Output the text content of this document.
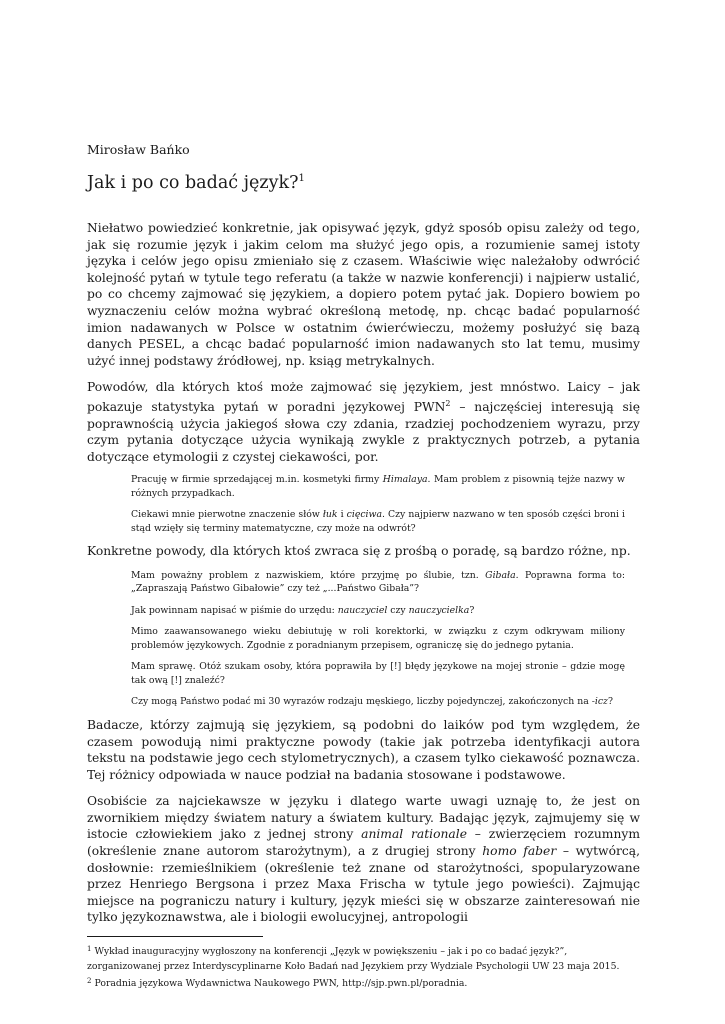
Mirosław Bańko

Jak i po co badać język?$^1$

Niełatwo powiedzieć konkretnie, jak opisywać język, gdyż sposób opisu zależy od tego, jak się rozumie język i jakim celom ma służyć jego opis, a rozumienie samej istoty języka i celów jego opisu zmieniało się z czasem. Właściwie więc należałoby odwrócić kolejność pytań w tytule tego referatu (a także w nazwie konferencji) i najpierw ustalić, po co chcemy zajmować się językiem, a dopiero potem pytać jak. Dopiero bowiem po wyznaczeniu celów można wybrać określoną metodę, np. chcąc badać popularność imion nadawanych w Polsce w ostatnim ćwierćwieczu, możemy posłużyć się bazą danych PESEL, a chcąc badać popularność imion nadawanych sto lat temu, musimy użyć innej podstawy źródłowej, np. ksiąg metrykalnych.

Powodów, dla których ktoś może zajmować się językiem, jest mnóstwo. Laicy – jak pokazuje statystyka pytań w poradni językowej PWN$^2$ – najczęściej interesują się poprawnością użycia jakiegoś słowa czy zdania, rzadziej pochodzeniem wyrazu, przy czym pytania dotyczące użycia wynikają zwykle z praktycznych potrzeb, a pytania dotyczące etymologii z czystej ciekawości, por.

Pracuję w firmie sprzedającej m.in. kosmetyki firmy Himalaya. Mam problem z pisownią tejże nazwy w różnych przypadkach.

Ciekawi mnie pierwotne znaczenie słów łuk i cięciwa. Czy najpierw nazwano w ten sposób części broni i stąd wzięły się terminy matematyczne, czy może na odwrót?

Konkretne powody, dla których ktoś zwraca się z prośbą o poradę, są bardzo różne, np.

Mam poważny problem z nazwiskiem, które przyjmę po ślubie, tzn. Gibała. Poprawna forma to: „Zapraszają Państwo Gibałowie” czy też „...Państwo Gibała”?

Jak powinnam napisać w piśmie do urzędu: nauczyciel czy nauczycielka?

Mimo zaawansowanego wieku debiutuję w roli korektorki, w związku z czym odkrywam miliony problemów językowych. Zgodnie z poradnianym przepisem, ograniczę się do jednego pytania.

Mam sprawę. Otóż szukam osoby, która poprawiła by [!] błędy językowe na mojej stronie – gdzie mogę tak ową [!] znaleźć?

Czy mogą Państwo podać mi 30 wyrazów rodzaju męskiego, liczby pojedynczej, zakończonych na -icz?

Badacze, którzy zajmują się językiem, są podobni do laików pod tym względem, że czasem powodują nimi praktyczne powody (takie jak potrzeba identyfikacji autora tekstu na podstawie jego cech stylometrycznych), a czasem tylko ciekawość poznawcza. Tej różnicy odpowiada w nauce podział na badania stosowane i podstawowe.

Osobiście za najciekawsze w języku i dlatego warte uwagi uznaję to, że jest on zwornikiem między światem natury a światem kultury. Badając język, zajmujemy się w istocie człowiekiem jako z jednej strony animal rationale – zwierzęciem rozumnym (określenie znane autorom starożytnym), a z drugiej strony homo faber – wytwórcą, dosłownie: rzemieślnikiem (określenie też znane od starożytności, spopularyzowane przez Henriego Bergsona i przez Maxa Frischa w tytule jego powieści). Zajmując miejsce na pograniczu natury i kultury, język mieści się w obszarze zainteresowań nie tylko językoznawstwa, ale i biologii ewolucyjnej, antropologii

$^1$ Wykład inauguracyjny wygłoszony na konferencji „Język w powiększeniu – jak i po co badać język?”,

zorganizowanej przez Interdyscyplinarne Koło Badań nad Językiem przy Wydziale Psychologii UW 23 maja 2015.

$^2$ Poradnia językowa Wydawnictwa Naukowego PWN, http://sjp.pwn.pl/poradnia.
